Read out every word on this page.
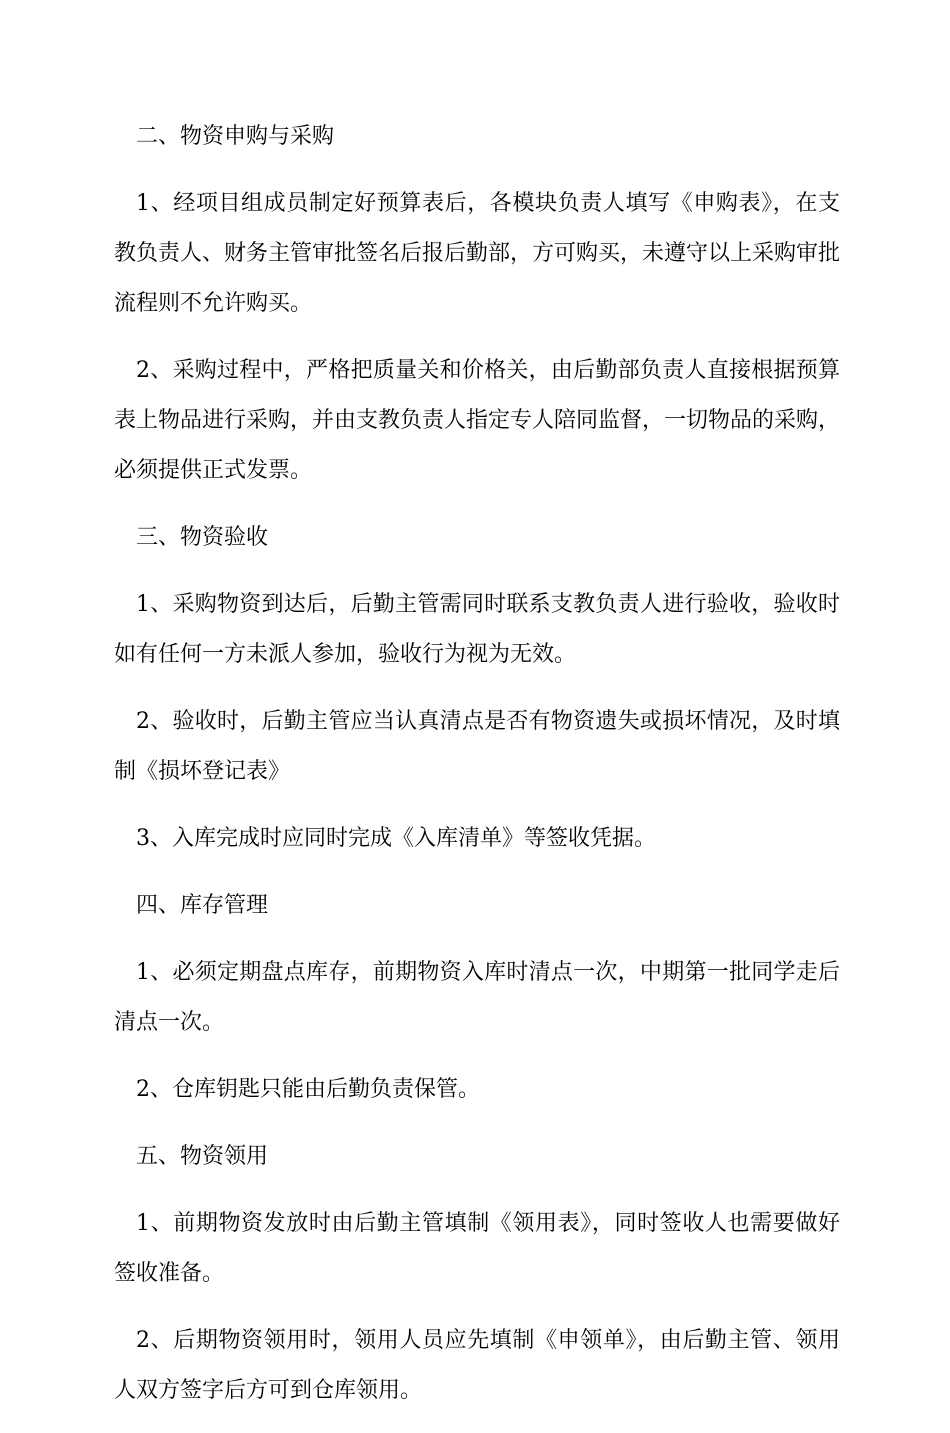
二、物资申购与采购

1、经项目组成员制定好预算表后，各模块负责人填写《申购表》，在支教负责人、财务主管审批签名后报后勤部，方可购买，未遵守以上采购审批流程则不允许购买。

2、采购过程中，严格把质量关和价格关，由后勤部负责人直接根据预算表上物品进行采购，并由支教负责人指定专人陪同监督，一切物品的采购，必须提供正式发票。

三、物资验收

1、采购物资到达后，后勤主管需同时联系支教负责人进行验收，验收时如有任何一方未派人参加，验收行为视为无效。

2、验收时，后勤主管应当认真清点是否有物资遗失或损坏情况，及时填制《损坏登记表》

3、入库完成时应同时完成《入库清单》等签收凭据。

四、库存管理

1、必须定期盘点库存，前期物资入库时清点一次，中期第一批同学走后清点一次。

2、仓库钥匙只能由后勤负责保管。

五、物资领用

1、前期物资发放时由后勤主管填制《领用表》，同时签收人也需要做好签收准备。

2、后期物资领用时，领用人员应先填制《申领单》，由后勤主管、领用人双方签字后方可到仓库领用。
